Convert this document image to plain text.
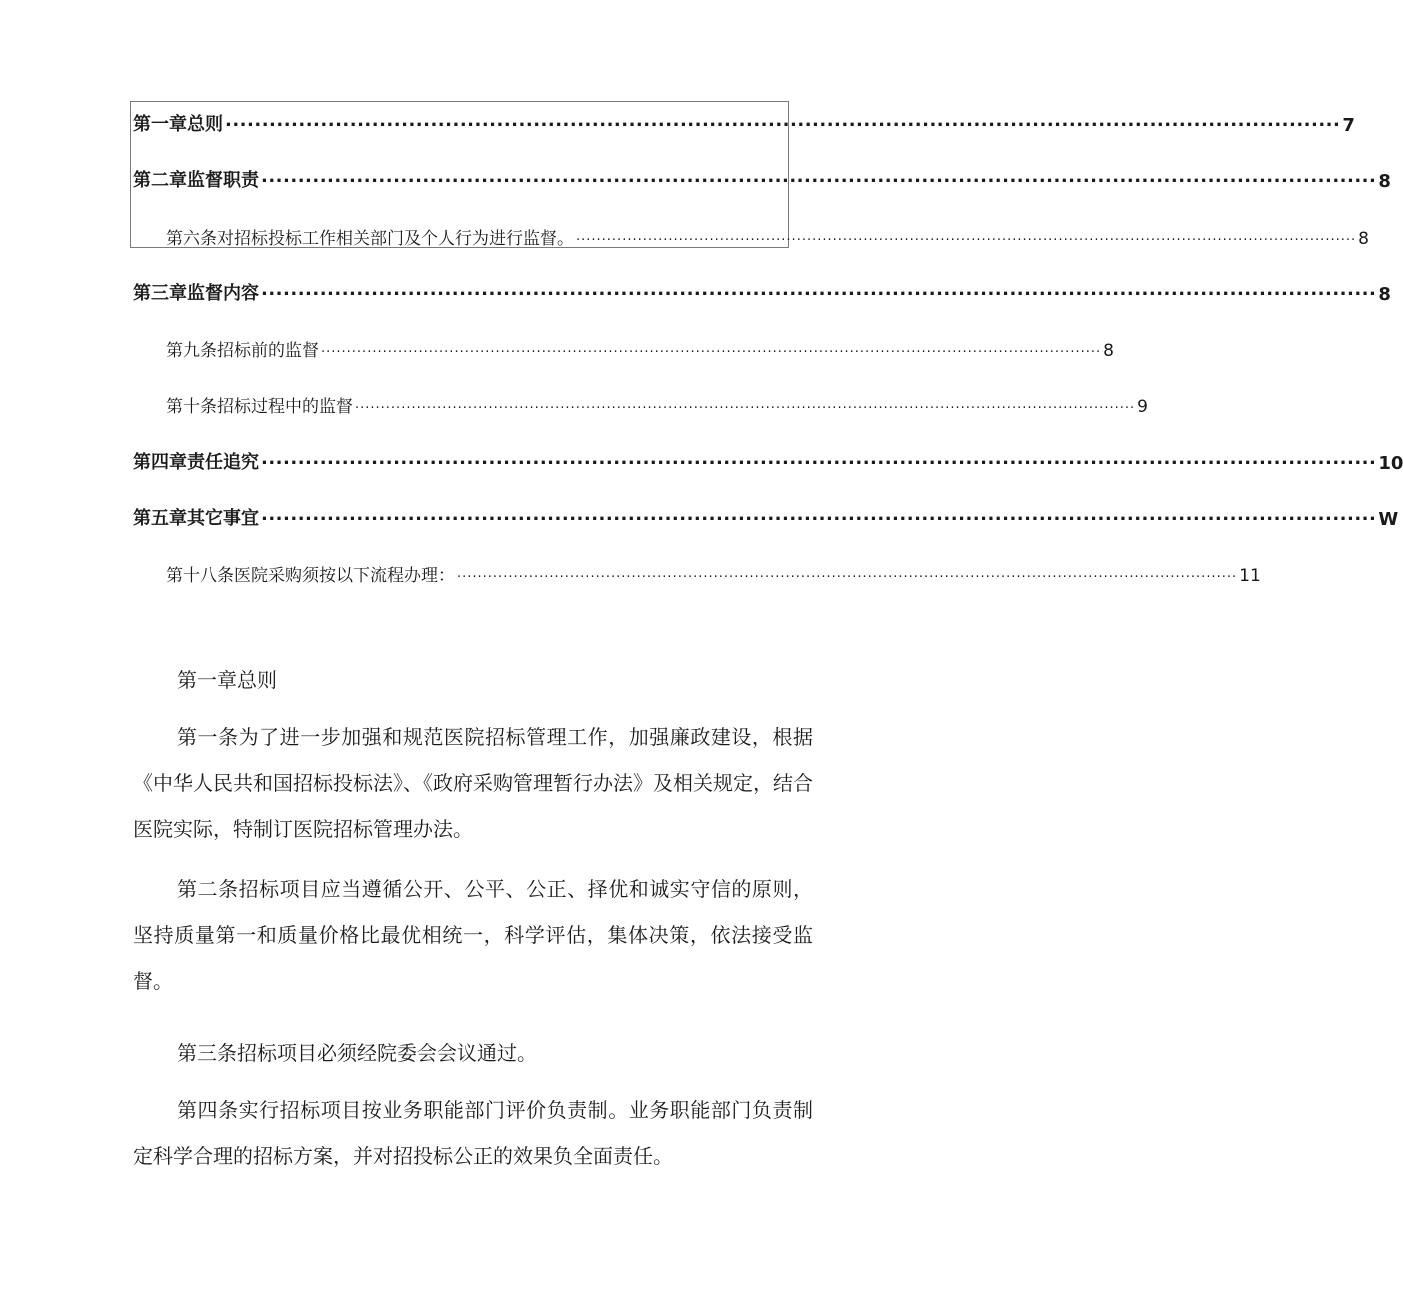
第一章总则 ........................................................................................................................................................ 7
第二章监督职责 ........................................................................................................................................................ 8
第六条对招标投标工作相关部门及个人行为进行监督。 ........................................................................................................................................................ 8
第三章监督内容 ........................................................................................................................................................ 8
第九条招标前的监督 ........................................................................................................................................................ 8
第十条招标过程中的监督 ........................................................................................................................................................ 9
第四章责任追究 ........................................................................................................................................................ 10
第五章其它事宜 ........................................................................................................................................................ W
第十八条医院采购须按以下流程办理： ........................................................................................................................................................ 11
第一章总则

第一条为了进一步加强和规范医院招标管理工作，加强廉政建设，根据《中华人民共和国招标投标法》、《政府采购管理暂行办法》及相关规定，结合医院实际，特制订医院招标管理办法。

第二条招标项目应当遵循公开、公平、公正、择优和诚实守信的原则，坚持质量第一和质量价格比最优相统一，科学评估，集体决策，依法接受监督。

第三条招标项目必须经院委会会议通过。

第四条实行招标项目按业务职能部门评价负责制。业务职能部门负责制定科学合理的招标方案，并对招投标公正的效果负全面责任。
